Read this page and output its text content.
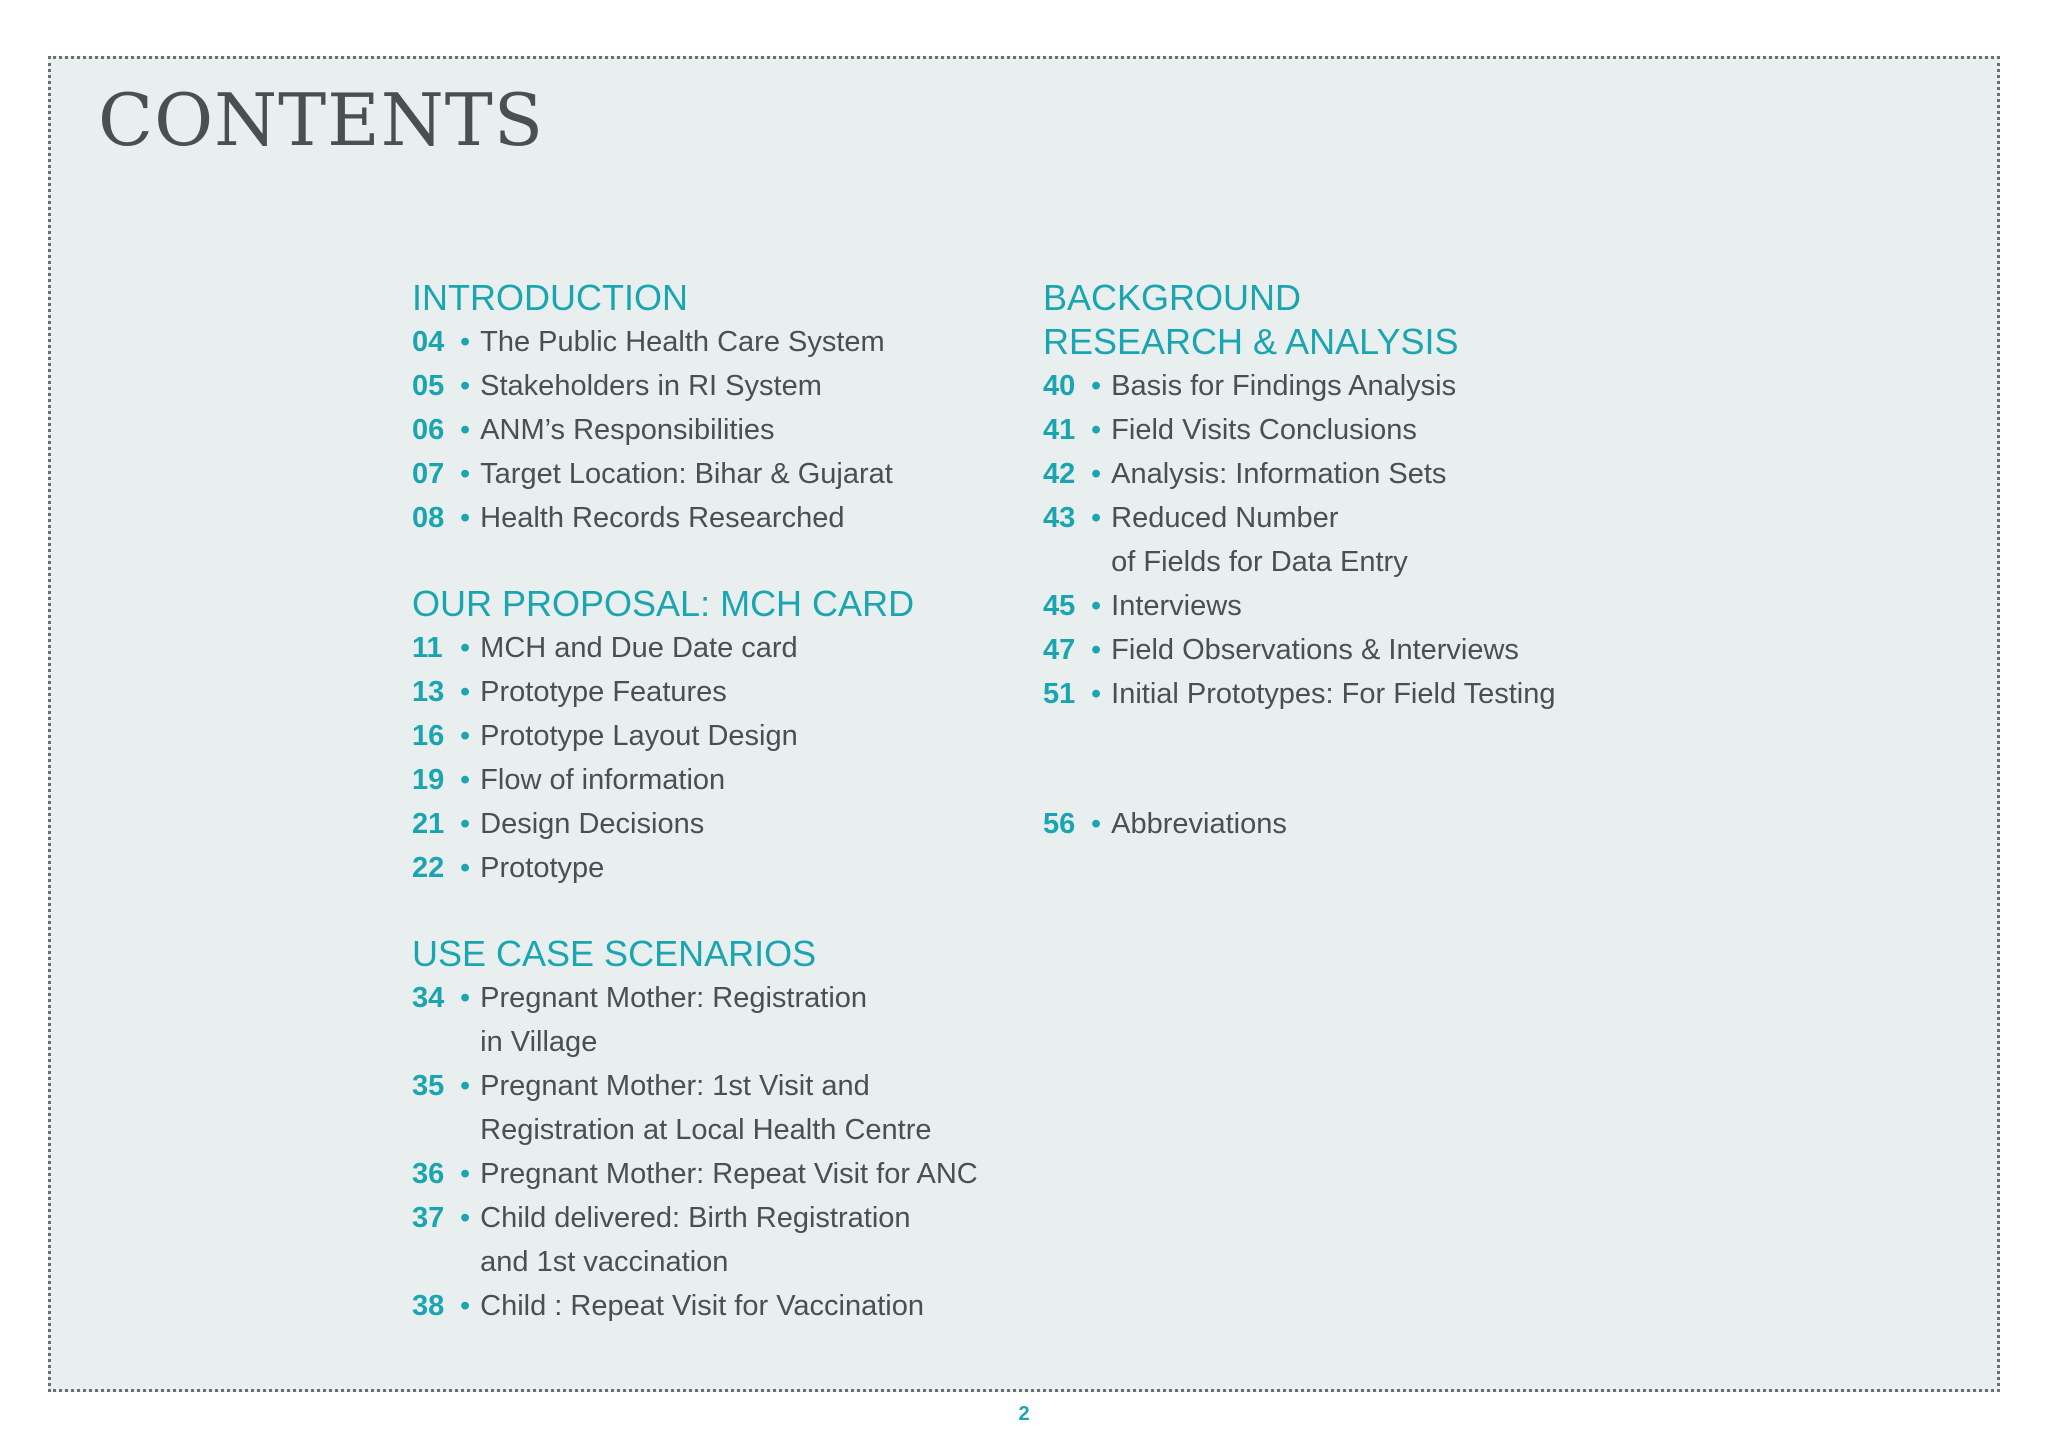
CONTENTS
INTRODUCTION
04 • The Public Health Care System
05 • Stakeholders in RI System
06 • ANM’s Responsibilities
07 • Target Location: Bihar & Gujarat
08 • Health Records Researched
OUR PROPOSAL: MCH CARD
11 • MCH and Due Date card
13 • Prototype Features
16 • Prototype Layout Design
19 • Flow of information
21 • Design Decisions
22 • Prototype
USE CASE SCENARIOS
34 • Pregnant Mother: Registration
in Village
35 • Pregnant Mother: 1st Visit and
Registration at Local Health Centre
36 • Pregnant Mother: Repeat Visit for ANC
37 • Child delivered: Birth Registration
and 1st vaccination
38 • Child : Repeat Visit for Vaccination
BACKGROUND
RESEARCH & ANALYSIS
40 • Basis for Findings Analysis
41 • Field Visits Conclusions
42 • Analysis: Information Sets
43 • Reduced Number
of Fields for Data Entry
45 • Interviews
47 • Field Observations & Interviews
51 • Initial Prototypes: For Field Testing
56 • Abbreviations
2
